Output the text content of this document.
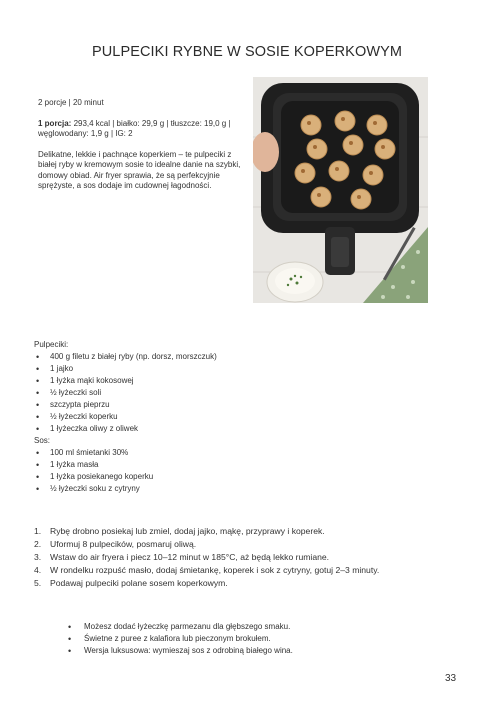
PULPECIKI RYBNE W SOSIE KOPERKOWYM

2 porcje | 20 minut

1 porcja: 293,4 kcal | białko: 29,9 g | tłuszcze: 19,0 g | węglowodany: 1,9 g | IG: 2

Delikatne, lekkie i pachnące koperkiem – te pulpeciki z białej ryby w kremowym sosie to idealne danie na szybki, domowy obiad. Air fryer sprawia, że są perfekcyjnie sprężyste, a sos dodaje im cudownej łagodności.

Pulpeciki:

• 400 g filetu z białej ryby (np. dorsz, morszczuk)
• 1 jajko
• 1 łyżka mąki kokosowej
• ½ łyżeczki soli
• szczypta pieprzu
• ½ łyżeczki koperku
• 1 łyżeczka oliwy z oliwek

Sos:

• 100 ml śmietanki 30%
• 1 łyżka masła
• 1 łyżka posiekanego koperku
• ½ łyżeczki soku z cytryny
1. Rybę drobno posiekaj lub zmiel, dodaj jajko, mąkę, przyprawy i koperek.
2. Uformuj 8 pulpecików, posmaruj oliwą.
3. Wstaw do air fryera i piecz 10–12 minut w 185°C, aż będą lekko rumiane.
4. W rondelku rozpuść masło, dodaj śmietankę, koperek i sok z cytryny, gotuj 2–3 minuty.
5. Podawaj pulpeciki polane sosem koperkowym.
• Możesz dodać łyżeczkę parmezanu dla głębszego smaku.
• Świetne z puree z kalafiora lub pieczonym brokułem.
• Wersja luksusowa: wymieszaj sos z odrobiną białego wina.
33
